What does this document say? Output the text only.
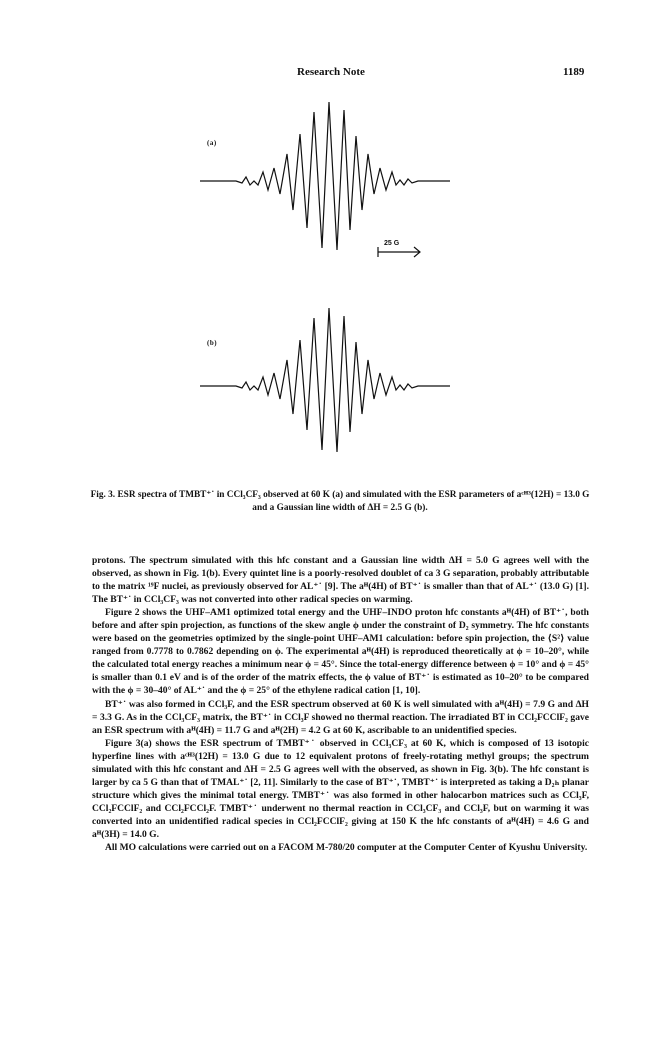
Research Note	1189
(a)
25 G
(b)
Fig. 3. ESR spectra of TMBT⁺˙ in CCl₃CF₃ observed at 60 K (a) and simulated with the ESR parameters of aᶜᴴ³(12H) = 13.0 G and a Gaussian line width of ΔH = 2.5 G (b).

protons. The spectrum simulated with this hfc constant and a Gaussian line width ΔH = 5.0 G agrees well with the observed, as shown in Fig. 1(b). Every quintet line is a poorly-resolved doublet of ca 3 G separation, probably attributable to the matrix ¹⁹F nuclei, as previously observed for AL⁺˙ [9]. The aᴴ(4H) of BT⁺˙ is smaller than that of AL⁺˙ (13.0 G) [1]. The BT⁺˙ in CCl₃CF₃ was not converted into other radical species on warming.

Figure 2 shows the UHF–AM1 optimized total energy and the UHF–INDO proton hfc constants aᴴ(4H) of BT⁺˙, both before and after spin projection, as functions of the skew angle ϕ under the constraint of D₂ symmetry. The hfc constants were based on the geometries optimized by the single-point UHF–AM1 calculation: before spin projection, the ⟨S²⟩ value ranged from 0.7778 to 0.7862 depending on ϕ. The experimental aᴴ(4H) is reproduced theoretically at ϕ = 10–20°, while the calculated total energy reaches a minimum near ϕ = 45°. Since the total-energy difference between ϕ = 10° and ϕ = 45° is smaller than 0.1 eV and is of the order of the matrix effects, the ϕ value of BT⁺˙ is estimated as 10–20° to be compared with the ϕ = 30–40° of AL⁺˙ and the ϕ = 25° of the ethylene radical cation [1, 10].

BT⁺˙ was also formed in CCl₃F, and the ESR spectrum observed at 60 K is well simulated with aᴴ(4H) = 7.9 G and ΔH = 3.3 G. As in the CCl₃CF₃ matrix, the BT⁺˙ in CCl₃F showed no thermal reaction. The irradiated BT in CCl₂FCClF₂ gave an ESR spectrum with aᴴ(4H) = 11.7 G and aᴴ(2H) = 4.2 G at 60 K, ascribable to an unidentified species.

Figure 3(a) shows the ESR spectrum of TMBT⁺˙ observed in CCl₃CF₃ at 60 K, which is composed of 13 isotopic hyperfine lines with aᶜᴴ³(12H) = 13.0 G due to 12 equivalent protons of freely-rotating methyl groups; the spectrum simulated with this hfc constant and ΔH = 2.5 G agrees well with the observed, as shown in Fig. 3(b). The hfc constant is larger by ca 5 G than that of TMAL⁺˙ [2, 11]. Similarly to the case of BT⁺˙, TMBT⁺˙ is interpreted as taking a D₂ₕ planar structure which gives the minimal total energy. TMBT⁺˙ was also formed in other halocarbon matrices such as CCl₃F, CCl₂FCClF₂ and CCl₂FCCl₂F. TMBT⁺˙ underwent no thermal reaction in CCl₃CF₃ and CCl₃F, but on warming it was converted into an unidentified radical species in CCl₂FCClF₂ giving at 150 K the hfc constants of aᴴ(4H) = 4.6 G and aᴴ(3H) = 14.0 G.

All MO calculations were carried out on a FACOM M-780/20 computer at the Computer Center of Kyushu University.
